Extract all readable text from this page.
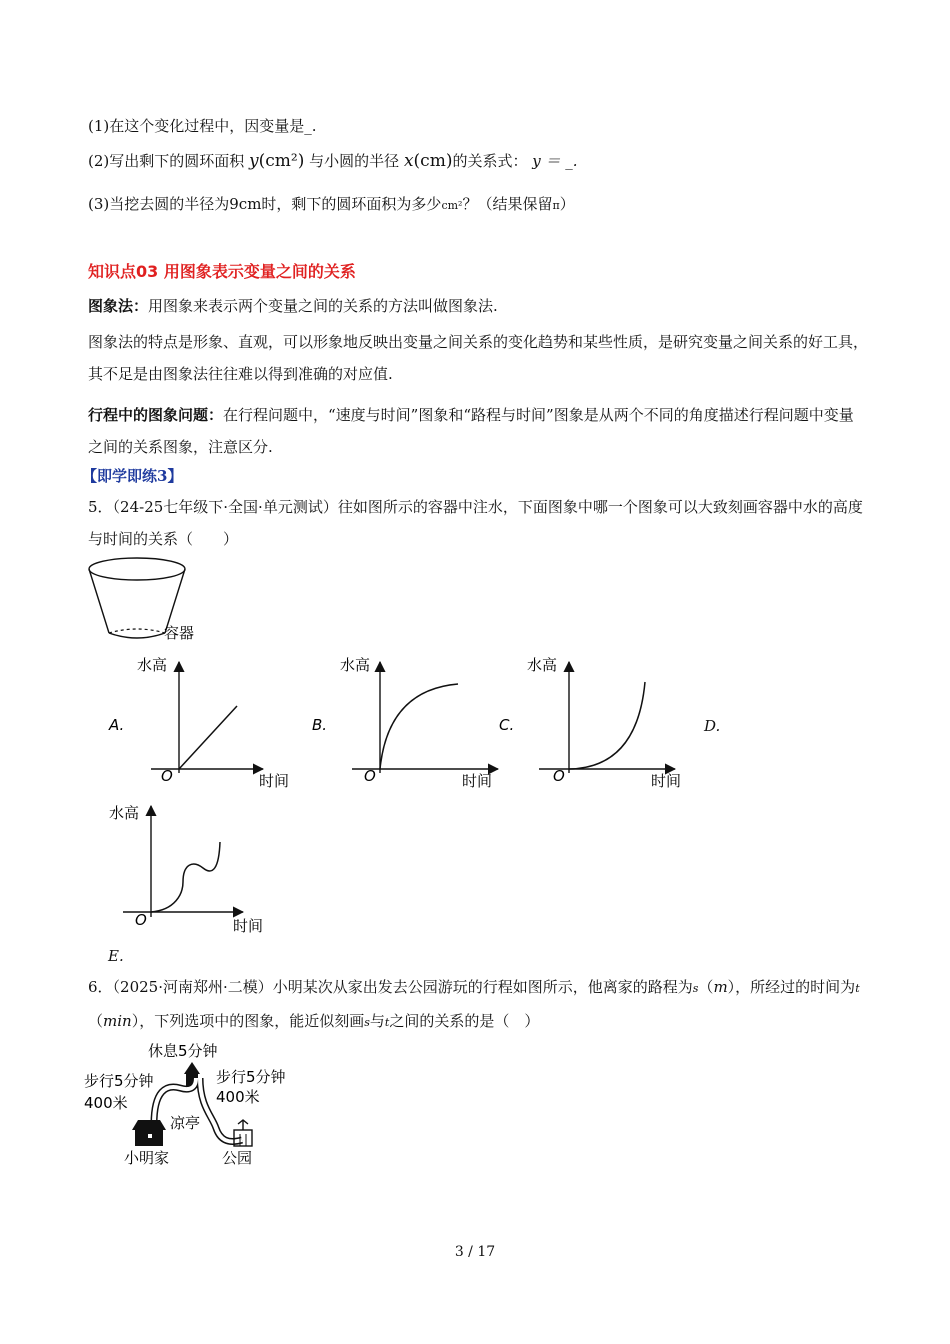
(1)在这个变化过程中，因变量是_.
(2)写出剩下的圆环面积 y(cm²) 与小圆的半径 x(cm)的关系式： y ＝ _.
(3)当挖去圆的半径为9cm时，剩下的圆环面积为多少cm²？（结果保留π）
知识点03 用图象表示变量之间的关系
图象法：用图象来表示两个变量之间的关系的方法叫做图象法.
图象法的特点是形象、直观，可以形象地反映出变量之间关系的变化趋势和某些性质，是研究变量之间关系的好工具，其不足是由图象法往往难以得到准确的对应值.
行程中的图象问题：在行程问题中，“速度与时间”图象和“路程与时间”图象是从两个不同的角度描述行程问题中变量之间的关系图象，注意区分.
【即学即练3】
5．（24-25七年级下·全国·单元测试）往如图所示的容器中注水，下面图象中哪一个图象可以大致刻画容器中水的高度与时间的关系（　　）
容器
水高
O	时间
A.
水高
O	时间
B.
水高
O	时间
C.	D.
水高
O	时间
E.
6．（2025·河南郑州·二模）小明某次从家出发去公园游玩的行程如图所示，他离家的路程为s（m），所经过的时间为t（min），下列选项中的图象，能近似刻画s与t之间的关系的是（　）
休息5分钟
凉亭
步行5分钟
400米
步行5分钟
400米
小明家	公园
3 / 17
